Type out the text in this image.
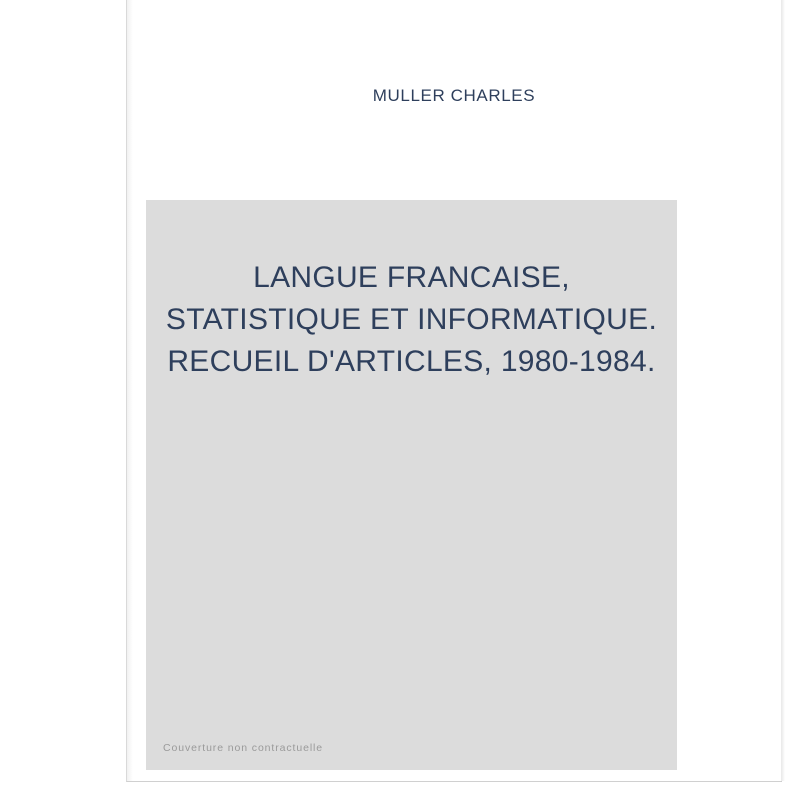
MULLER CHARLES
LANGUE FRANCAISE, STATISTIQUE ET INFORMATIQUE. RECUEIL D'ARTICLES, 1980-1984.
Couverture non contractuelle
